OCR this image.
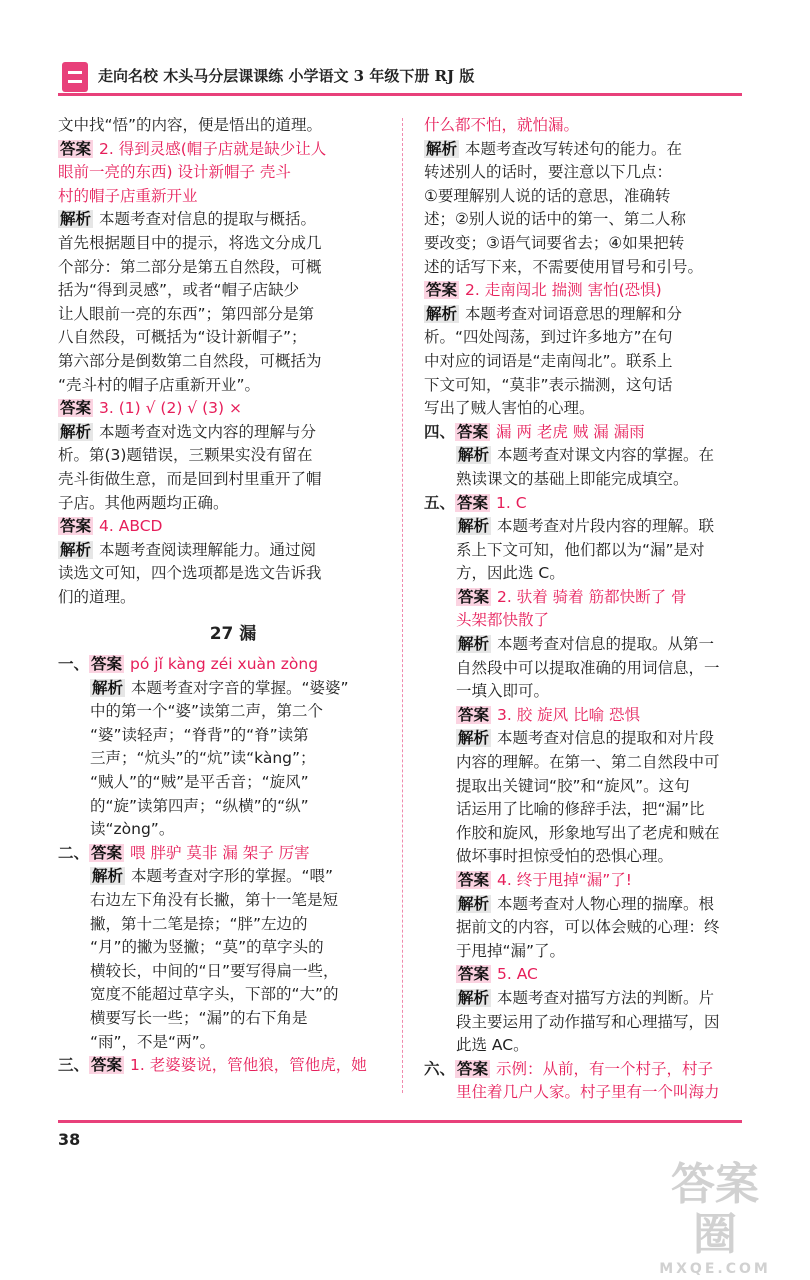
走向名校 木头马分层课课练 小学语文 3 年级下册 RJ 版
文中找“悟”的内容，便是悟出的道理。
答案 2. 得到灵感(帽子店就是缺少让人
眼前一亮的东西) 设计新帽子 壳斗
村的帽子店重新开业
解析 本题考查对信息的提取与概括。
首先根据题目中的提示，将选文分成几
个部分：第二部分是第五自然段，可概
括为“得到灵感”，或者“帽子店缺少
让人眼前一亮的东西”；第四部分是第
八自然段，可概括为“设计新帽子”；
第六部分是倒数第二自然段，可概括为
“壳斗村的帽子店重新开业”。
答案 3. (1) √ (2) √ (3) ×
解析 本题考查对选文内容的理解与分
析。第(3)题错误，三颗果实没有留在
壳斗街做生意，而是回到村里重开了帽
子店。其他两题均正确。
答案 4. ABCD
解析 本题考查阅读理解能力。通过阅
读选文可知，四个选项都是选文告诉我
们的道理。
27 漏
一、 答案 pó jǐ kàng zéi xuàn zòng
解析 本题考查对字音的掌握。“婆婆”
中的第一个“婆”读第二声，第二个
“婆”读轻声；“脊背”的“脊”读第
三声；“炕头”的“炕”读“kàng”；
“贼人”的“贼”是平舌音；“旋风”
的“旋”读第四声；“纵横”的“纵”
读“zòng”。
二、 答案 喂 胖驴 莫非 漏 架子 厉害
解析 本题考查对字形的掌握。“喂”
右边左下角没有长撇，第十一笔是短
撇，第十二笔是捺；“胖”左边的
“月”的撇为竖撇；“莫”的草字头的
横较长，中间的“日”要写得扁一些，
宽度不能超过草字头，下部的“大”的
横要写长一些；“漏”的右下角是
“雨”，不是“两”。
三、 答案 1. 老婆婆说，管他狼，管他虎，她
什么都不怕，就怕漏。
解析 本题考查改写转述句的能力。在
转述别人的话时，要注意以下几点：
①要理解别人说的话的意思，准确转
述；②别人说的话中的第一、第二人称
要改变；③语气词要省去；④如果把转
述的话写下来，不需要使用冒号和引号。
答案 2. 走南闯北 揣测 害怕(恐惧)
解析 本题考查对词语意思的理解和分
析。“四处闯荡，到过许多地方”在句
中对应的词语是“走南闯北”。联系上
下文可知，“莫非”表示揣测，这句话
写出了贼人害怕的心理。
四、 答案 漏 两 老虎 贼 漏 漏雨
解析 本题考查对课文内容的掌握。在
熟读课文的基础上即能完成填空。
五、 答案 1. C
解析 本题考查对片段内容的理解。联
系上下文可知，他们都以为“漏”是对
方，因此选 C。
答案 2. 驮着 骑着 筋都快断了 骨
头架都快散了
解析 本题考查对信息的提取。从第一
自然段中可以提取准确的用词信息，一
一填入即可。
答案 3. 胶 旋风 比喻 恐惧
解析 本题考查对信息的提取和对片段
内容的理解。在第一、第二自然段中可
提取出关键词“胶”和“旋风”。这句
话运用了比喻的修辞手法，把“漏”比
作胶和旋风，形象地写出了老虎和贼在
做坏事时担惊受怕的恐惧心理。
答案 4. 终于甩掉“漏”了!
解析 本题考查对人物心理的揣摩。根
据前文的内容，可以体会贼的心理：终
于甩掉“漏”了。
答案 5. AC
解析 本题考查对描写方法的判断。片
段主要运用了动作描写和心理描写，因
此选 AC。
六、 答案 示例：从前，有一个村子，村子
里住着几户人家。村子里有一个叫海力
38
答案圈
MXQE.COM
